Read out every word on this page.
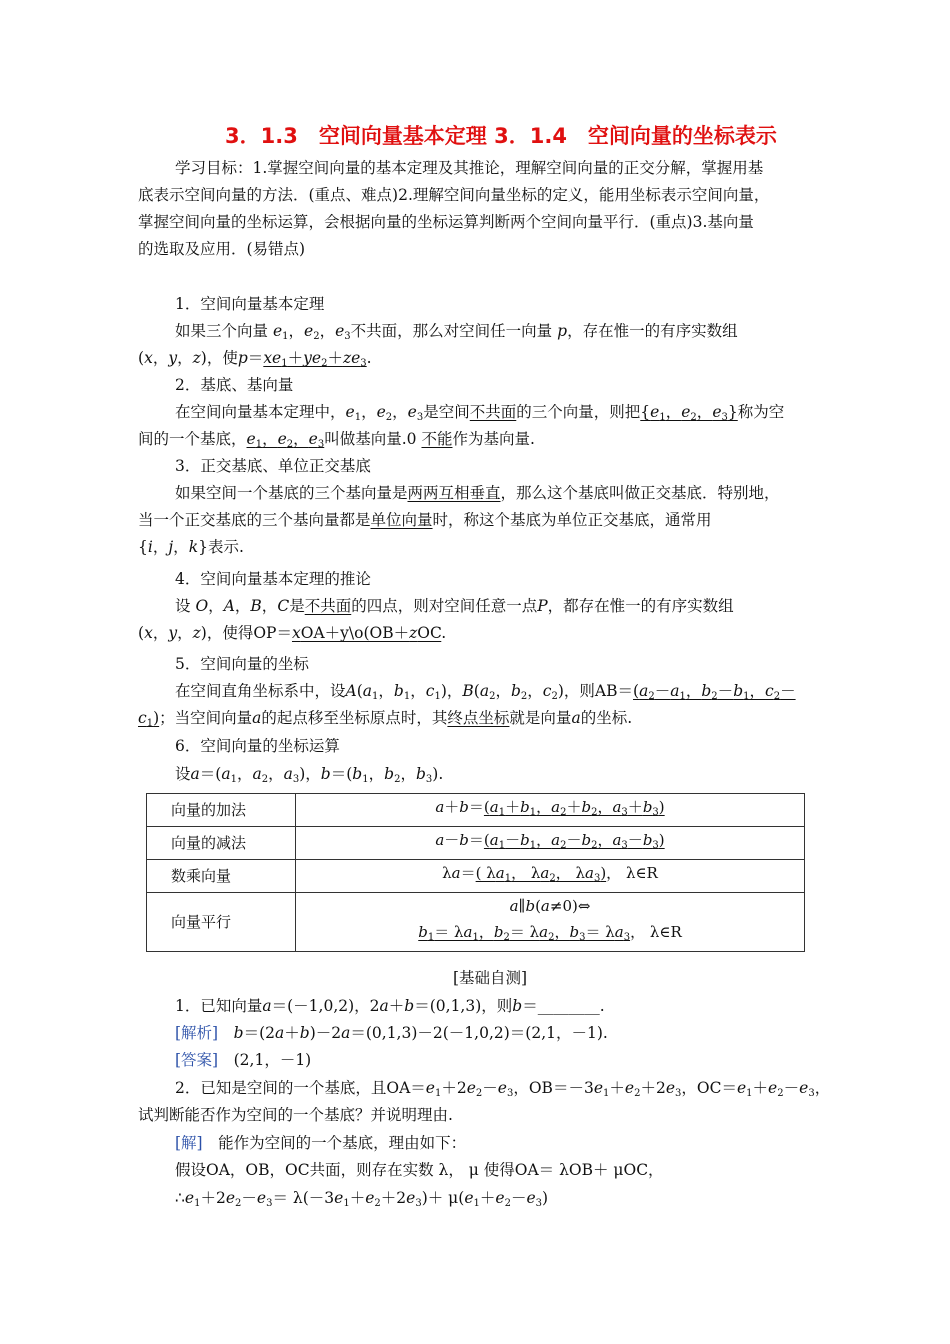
3．1.3　空间向量基本定理 3．1.4　空间向量的坐标表示
学习目标：1.掌握空间向量的基本定理及其推论，理解空间向量的正交分解，掌握用基
底表示空间向量的方法．(重点、难点)2.理解空间向量坐标的定义，能用坐标表示空间向量，
掌握空间向量的坐标运算，会根据向量的坐标运算判断两个空间向量平行．(重点)3.基向量
的选取及应用．(易错点)
1．空间向量基本定理
如果三个向量 $e_1$，$e_2$，$e_3$不共面，那么对空间任一向量 p，存在惟一的有序实数组
(x，y，z)，使$p=xe_1+ye_2+ze_3$.
2．基底、基向量
在空间向量基本定理中，$e_1$，$e_2$，$e_3$是空间不共面的三个向量，则把{$e_1$，$e_2$，$e_3$}称为空
间的一个基底，$e_1$，$e_2$，$e_3$叫做基向量.0 不能作为基向量.
3．正交基底、单位正交基底
如果空间一个基底的三个基向量是两两互相垂直，那么这个基底叫做正交基底．特别地，
当一个正交基底的三个基向量都是单位向量时，称这个基底为单位正交基底，通常用
{i，j，k}表示.
4．空间向量基本定理的推论
设 O，A，B，C是不共面的四点，则对空间任意一点P，都存在惟一的有序实数组
(x，y，z)，使得OP＝xOA＋y\o(OB＋zOC.
5．空间向量的坐标
在空间直角坐标系中，设$A(a_1$，$b_1$，$c_1$)，$B(a_2$，$b_2$，$c_2$)，则$AB=(a_2-a_1$，$b_2-b_1$，$c_2-$
$c_1$)；当空间向量a的起点移至坐标原点时，其终点坐标就是向量a的坐标.
6．空间向量的坐标运算
设$a=(a_1$，$a_2$，$a_3$)，$b=(b_1$，$b_2$，$b_3$).
向量的加法	$a+b=(a_1+b_1$，$a_2+b_2$，$a_3+b_3$)
向量的减法	$a-b=(a_1-b_1$，$a_2-b_2$，$a_3-b_3$)
数乘向量	λa＝( $\lambda a_1$， $\lambda a_2$， $\lambda a_3$)， λ∈R
向量平行	a∥b(a≠0)⇔
$b_1= \lambda a_1$，$b_2= \lambda a_2$，$b_3= \lambda a_3$， λ∈R
[基础自测]
1．已知向量a＝(－1,0,2)，2a＋b＝(0,1,3)，则b＝________.
[解析]　 b＝(2a＋b)－2a＝(0,1,3)－2(－1,0,2)＝(2,1，－1).
[答案]　 (2,1，－1)
2．已知是空间的一个基底，且$OA=e_1+2e_2-e_3$，$OB=-3e_1+e_2+2e_3$，$OC=e_1+e_2-e_3$，
试判断能否作为空间的一个基底？并说明理由.
[解]　 能作为空间的一个基底，理由如下：
假设OA，OB，OC共面，则存在实数 λ， μ 使得OA＝ λOB＋ μOC，
$\therefore e_1+2e_2-e_3= \lambda(-3e_1+e_2+2e_3)+ \mu(e_1+e_2-e_3)$
